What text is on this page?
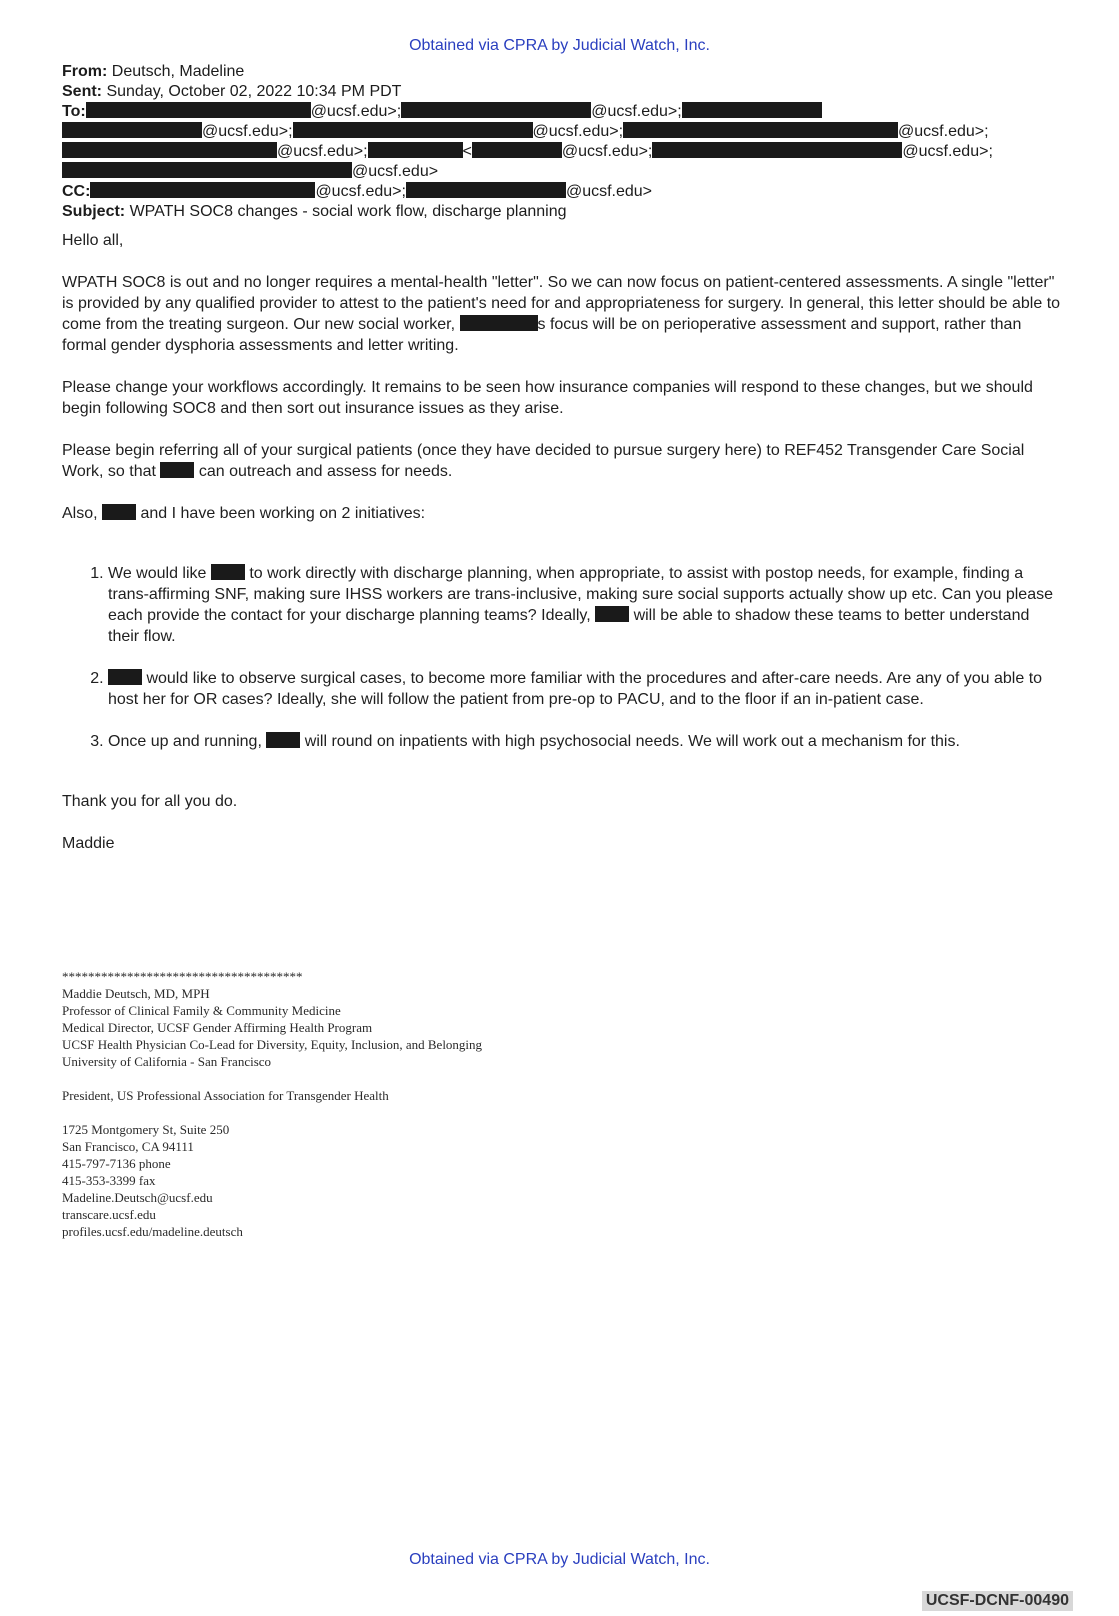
Obtained via CPRA by Judicial Watch, Inc.
From: Deutsch, Madeline
Sent: Sunday, October 02, 2022 10:34 PM PDT
To:	@ucsf.edu>;	@ucsf.edu>;
@ucsf.edu>;	@ucsf.edu>;	@ucsf.edu>;
@ucsf.edu>;	<	@ucsf.edu>;	@ucsf.edu>;
@ucsf.edu>
CC:	@ucsf.edu>;	@ucsf.edu>
Subject: WPATH SOC8 changes - social work flow, discharge planning

Hello all,

WPATH SOC8 is out and no longer requires a mental-health "letter". So we can now focus on patient-centered assessments. A single "letter" is provided by any qualified provider to attest to the patient's need for and appropriateness for surgery. In general, this letter should be able to come from the treating surgeon. Our new social worker,	s focus will be on perioperative assessment and support, rather than formal gender dysphoria assessments and letter writing.

Please change your workflows accordingly. It remains to be seen how insurance companies will respond to these changes, but we should begin following SOC8 and then sort out insurance issues as they arise.

Please begin referring all of your surgical patients (once they have decided to pursue surgery here) to REF452 Transgender Care Social Work, so that	can outreach and assess for needs.

Also,	and I have been working on 2 initiatives:

1. We would like	to work directly with discharge planning, when appropriate, to assist with postop needs, for example, finding a trans-affirming SNF, making sure IHSS workers are trans-inclusive, making sure social supports actually show up etc. Can you please each provide the contact for your discharge planning teams? Ideally,	will be able to shadow these teams to better understand their flow.
2. would like to observe surgical cases, to become more familiar with the procedures and after-care needs. Are any of you able to host her for OR cases? Ideally, she will follow the patient from pre-op to PACU, and to the floor if an in-patient case.
3. Once up and running,	will round on inpatients with high psychosocial needs. We will work out a mechanism for this.

Thank you for all you do.

Maddie

*************************************
Maddie Deutsch, MD, MPH
Professor of Clinical Family & Community Medicine
Medical Director, UCSF Gender Affirming Health Program
UCSF Health Physician Co-Lead for Diversity, Equity, Inclusion, and Belonging
University of California - San Francisco
President, US Professional Association for Transgender Health
1725 Montgomery St, Suite 250
San Francisco, CA 94111
415-797-7136 phone
415-353-3399 fax
Madeline.Deutsch@ucsf.edu
transcare.ucsf.edu
profiles.ucsf.edu/madeline.deutsch
Obtained via CPRA by Judicial Watch, Inc.
UCSF-DCNF-00490
